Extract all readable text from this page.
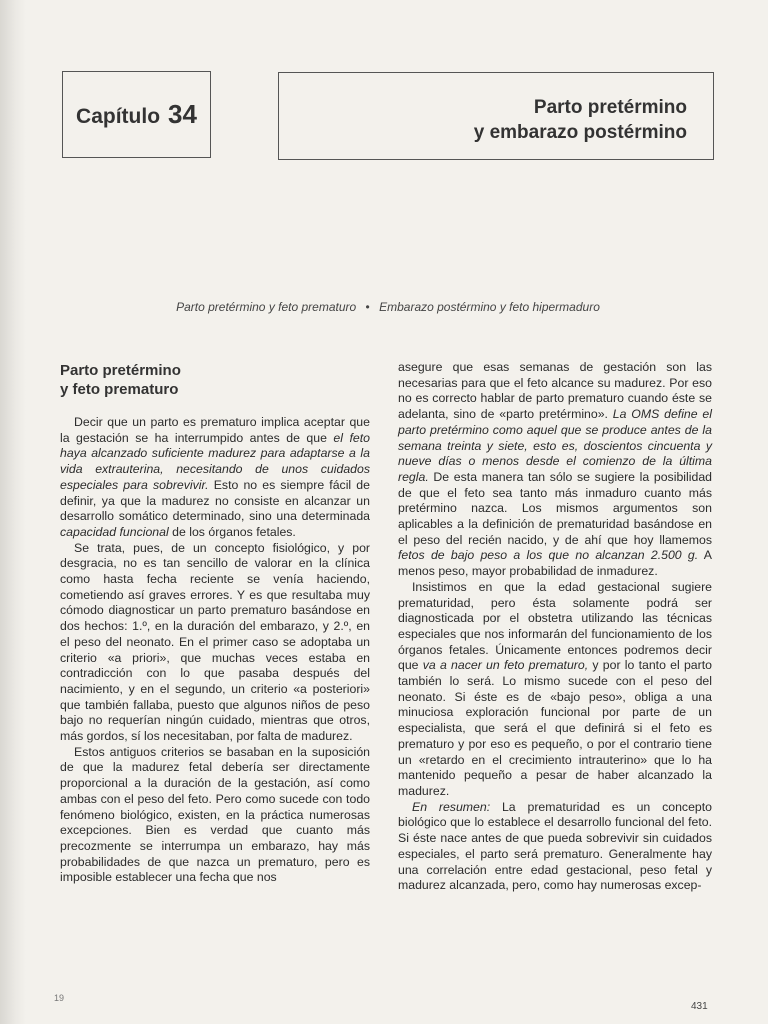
Capítulo 34	Parto pretérmino
y embarazo postérmino
Parto pretérmino y feto prematuro • Embarazo postérmino y feto hipermaduro
Parto pretérmino
y feto prematuro

Decir que un parto es prematuro implica aceptar que la gestación se ha interrumpido antes de que el feto haya alcanzado suficiente madurez para adaptarse a la vida extrauterina, necesitando de unos cuidados especiales para sobrevivir. Esto no es siempre fácil de definir, ya que la madurez no consiste en alcanzar un desarrollo somático determinado, sino una determinada capacidad funcional de los órganos fetales.

Se trata, pues, de un concepto fisiológico, y por desgracia, no es tan sencillo de valorar en la clínica como hasta fecha reciente se venía haciendo, cometiendo así graves errores. Y es que resultaba muy cómodo diagnosticar un parto prematuro basándose en dos hechos: 1.º, en la duración del embarazo, y 2.º, en el peso del neonato. En el primer caso se adoptaba un criterio «a priori», que muchas veces estaba en contradicción con lo que pasaba después del nacimiento, y en el segundo, un criterio «a posteriori» que también fallaba, puesto que algunos niños de peso bajo no requerían ningún cuidado, mientras que otros, más gordos, sí los necesitaban, por falta de madurez.

Estos antiguos criterios se basaban en la suposición de que la madurez fetal debería ser directamente proporcional a la duración de la gestación, así como ambas con el peso del feto. Pero como sucede con todo fenómeno biológico, existen, en la práctica numerosas excepciones. Bien es verdad que cuanto más precozmente se interrumpa un embarazo, hay más probabilidades de que nazca un prematuro, pero es imposible establecer una fecha que nos

asegure que esas semanas de gestación son las necesarias para que el feto alcance su madurez. Por eso no es correcto hablar de parto prematuro cuando éste se adelanta, sino de «parto pretérmino». La OMS define el parto pretérmino como aquel que se produce antes de la semana treinta y siete, esto es, doscientos cincuenta y nueve días o menos desde el comienzo de la última regla. De esta manera tan sólo se sugiere la posibilidad de que el feto sea tanto más inmaduro cuanto más pretérmino nazca. Los mismos argumentos son aplicables a la definición de prematuridad basándose en el peso del recién nacido, y de ahí que hoy llamemos fetos de bajo peso a los que no alcanzan 2.500 g. A menos peso, mayor probabilidad de inmadurez.

Insistimos en que la edad gestacional sugiere prematuridad, pero ésta solamente podrá ser diagnosticada por el obstetra utilizando las técnicas especiales que nos informarán del funcionamiento de los órganos fetales. Únicamente entonces podremos decir que va a nacer un feto prematuro, y por lo tanto el parto también lo será. Lo mismo sucede con el peso del neonato. Si éste es de «bajo peso», obliga a una minuciosa exploración funcional por parte de un especialista, que será el que definirá si el feto es prematuro y por eso es pequeño, o por el contrario tiene un «retardo en el crecimiento intrauterino» que lo ha mantenido pequeño a pesar de haber alcanzado la madurez.

En resumen: La prematuridad es un concepto biológico que lo establece el desarrollo funcional del feto. Si éste nace antes de que pueda sobrevivir sin cuidados especiales, el parto será prematuro. Generalmente hay una correlación entre edad gestacional, peso fetal y madurez alcanzada, pero, como hay numerosas excep-

19
431
